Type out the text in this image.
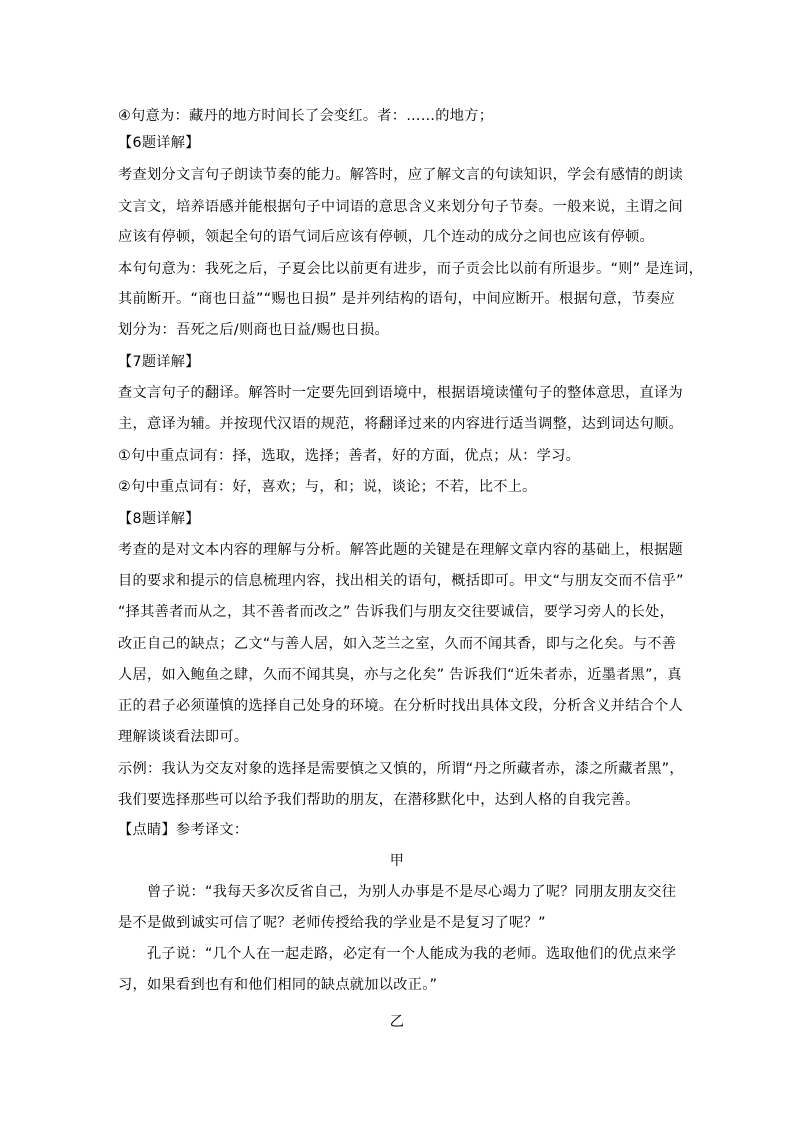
④句意为：藏丹的地方时间长了会变红。者：……的地方；
【6题详解】
考查划分文言句子朗读节奏的能力。解答时，应了解文言的句读知识，学会有感情的朗读
文言文，培养语感并能根据句子中词语的意思含义来划分句子节奏。一般来说，主谓之间
应该有停顿，领起全句的语气词后应该有停顿，几个连动的成分之间也应该有停顿。
本句句意为：我死之后，子夏会比以前更有进步，而子贡会比以前有所退步。“则” 是连词，
其前断开。“商也日益”“赐也日损” 是并列结构的语句，中间应断开。根据句意，节奏应
划分为：吾死之后/则商也日益/赐也日损。
【7题详解】
查文言句子的翻译。解答时一定要先回到语境中，根据语境读懂句子的整体意思，直译为
主，意译为辅。并按现代汉语的规范，将翻译过来的内容进行适当调整，达到词达句顺。
①句中重点词有：择，选取，选择；善者，好的方面，优点；从：学习。
②句中重点词有：好，喜欢；与，和；说，谈论；不若，比不上。
【8题详解】
考查的是对文本内容的理解与分析。解答此题的关键是在理解文章内容的基础上，根据题
目的要求和提示的信息梳理内容，找出相关的语句，概括即可。甲文“与朋友交而不信乎”
“择其善者而从之，其不善者而改之” 告诉我们与朋友交往要诚信，要学习旁人的长处，
改正自己的缺点；乙文“与善人居，如入芝兰之室，久而不闻其香，即与之化矣。与不善
人居，如入鲍鱼之肆，久而不闻其臭，亦与之化矣” 告诉我们“近朱者赤，近墨者黑”，真
正的君子必须谨慎的选择自己处身的环境。在分析时找出具体文段，分析含义并结合个人
理解谈谈看法即可。
示例：我认为交友对象的选择是需要慎之又慎的，所谓“丹之所藏者赤，漆之所藏者黑”，
我们要选择那些可以给予我们帮助的朋友，在潜移默化中，达到人格的自我完善。
【点睛】参考译文：
甲
曾子说：“我每天多次反省自己，为别人办事是不是尽心竭力了呢？同朋友朋友交往
是不是做到诚实可信了呢？老师传授给我的学业是不是复习了呢？”
孔子说：“几个人在一起走路，必定有一个人能成为我的老师。选取他们的优点来学
习，如果看到也有和他们相同的缺点就加以改正。”
乙
